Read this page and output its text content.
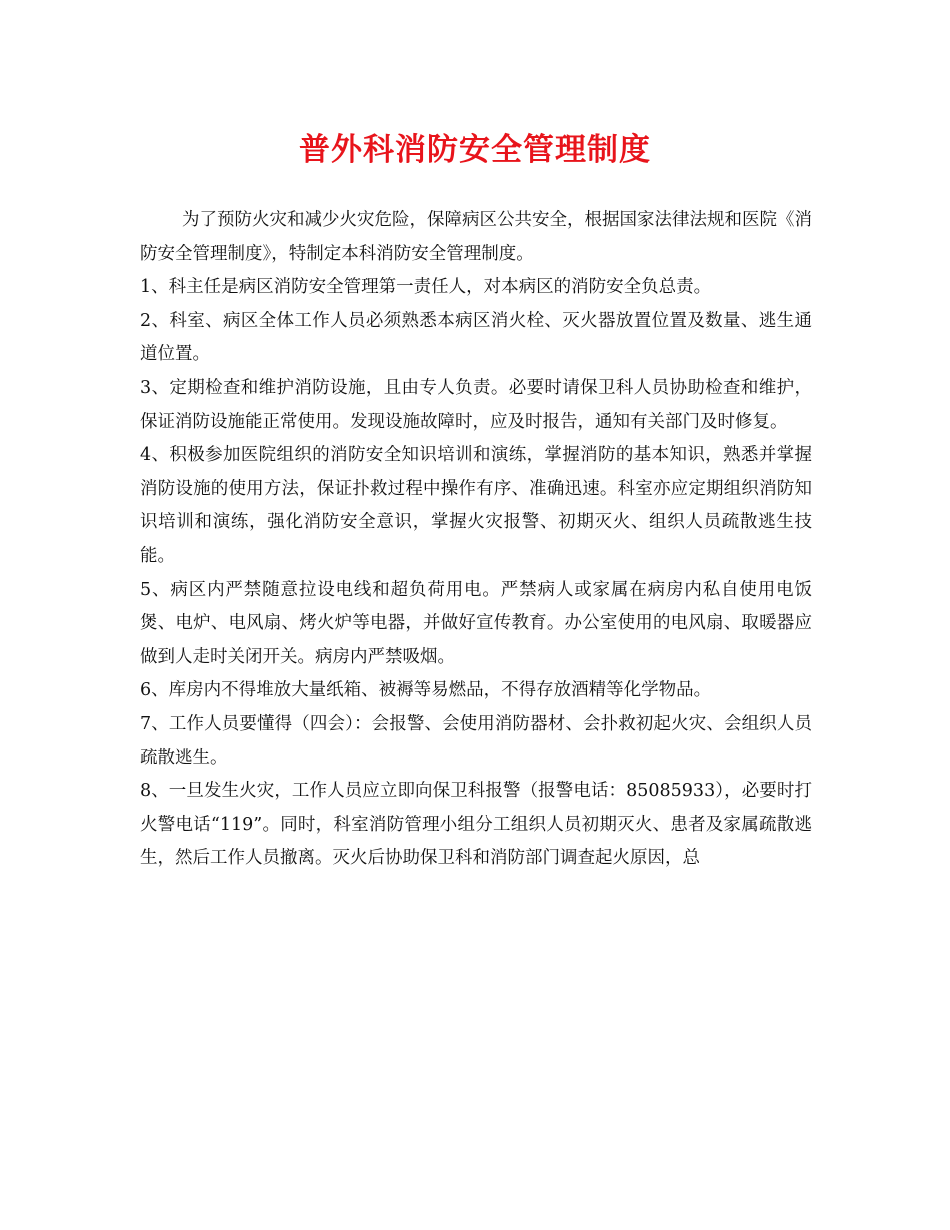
普外科消防安全管理制度

为了预防火灾和减少火灾危险，保障病区公共安全，根据国家法律法规和医院《消防安全管理制度》，特制定本科消防安全管理制度。

1、科主任是病区消防安全管理第一责任人，对本病区的消防安全负总责。

2、科室、病区全体工作人员必须熟悉本病区消火栓、灭火器放置位置及数量、逃生通道位置。

3、定期检查和维护消防设施，且由专人负责。必要时请保卫科人员协助检查和维护，保证消防设施能正常使用。发现设施故障时，应及时报告，通知有关部门及时修复。

4、积极参加医院组织的消防安全知识培训和演练，掌握消防的基本知识，熟悉并掌握消防设施的使用方法，保证扑救过程中操作有序、准确迅速。科室亦应定期组织消防知识培训和演练，强化消防安全意识，掌握火灾报警、初期灭火、组织人员疏散逃生技能。

5、病区内严禁随意拉设电线和超负荷用电。严禁病人或家属在病房内私自使用电饭煲、电炉、电风扇、烤火炉等电器，并做好宣传教育。办公室使用的电风扇、取暖器应做到人走时关闭开关。病房内严禁吸烟。

6、库房内不得堆放大量纸箱、被褥等易燃品，不得存放酒精等化学物品。

7、工作人员要懂得（四会）：会报警、会使用消防器材、会扑救初起火灾、会组织人员疏散逃生。

8、一旦发生火灾，工作人员应立即向保卫科报警（报警电话：85085933），必要时打火警电话“119”。同时，科室消防管理小组分工组织人员初期灭火、患者及家属疏散逃生，然后工作人员撤离。灭火后协助保卫科和消防部门调查起火原因，总
